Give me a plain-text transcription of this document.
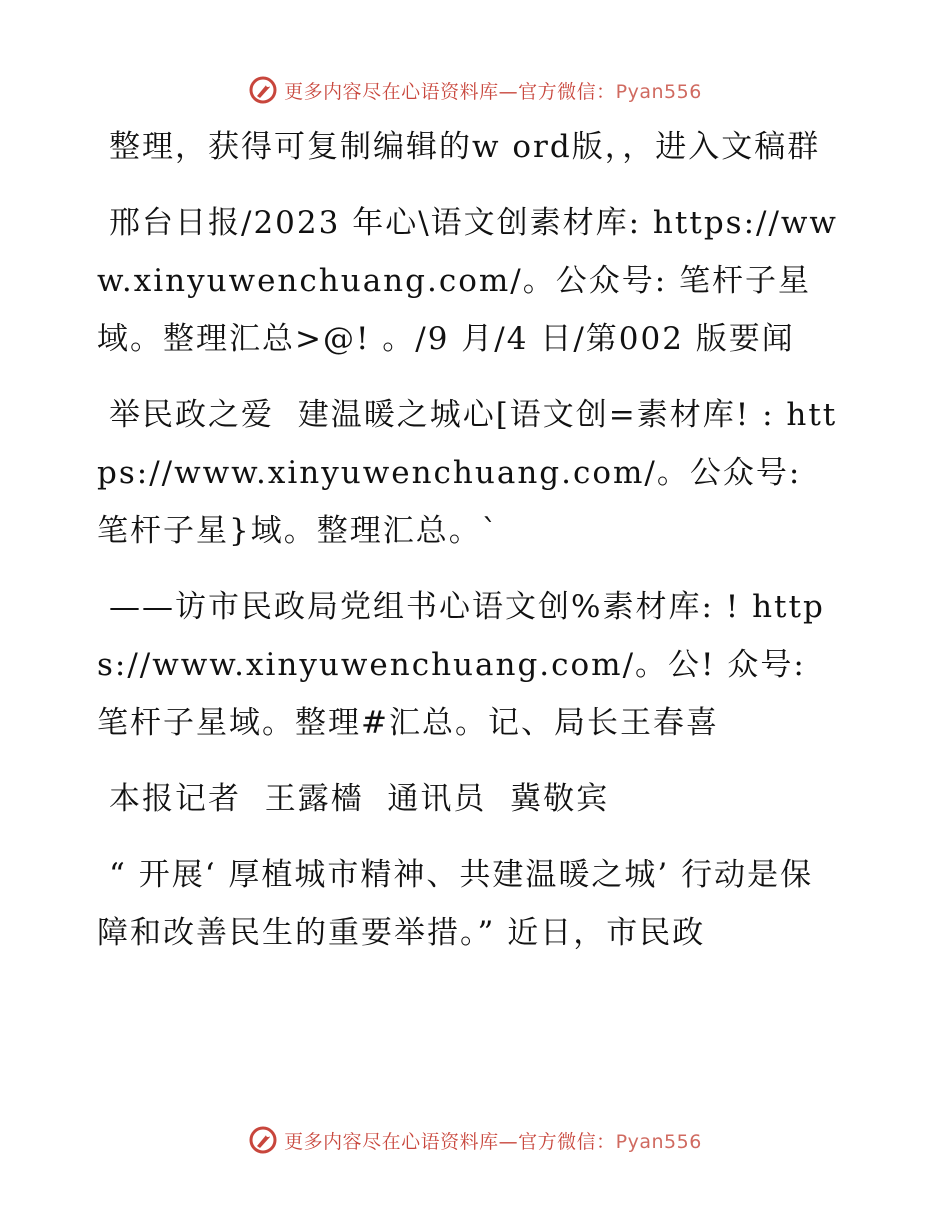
更多内容尽在心语资料库—官方微信：Pyan556

整理，获得可复制编辑的w ord版，，进入文稿群

邢台日报/2023 年心\语文创素材库: https://www.xinyuwenchuang.com/。公众号: 笔杆子星域。整理汇总>@! 。/9 月/4 日/第002 版要闻

举民政之爱  建温暖之城心[语文创=素材库! : https://www.xinyuwenchuang.com/。公众号: 笔杆子星}域。整理汇总。`

——访市民政局党组书心语文创%素材库: ! https://www.xinyuwenchuang.com/。公! 众号: 笔杆子星域。整理#汇总。记、局长王春喜

本报记者  王露檣  通讯员  冀敬宾

“ 开展‘ 厚植城市精神、共建温暖之城’ 行动是保障和改善民生的重要举措。” 近日，市民政

更多内容尽在心语资料库—官方微信：Pyan556
